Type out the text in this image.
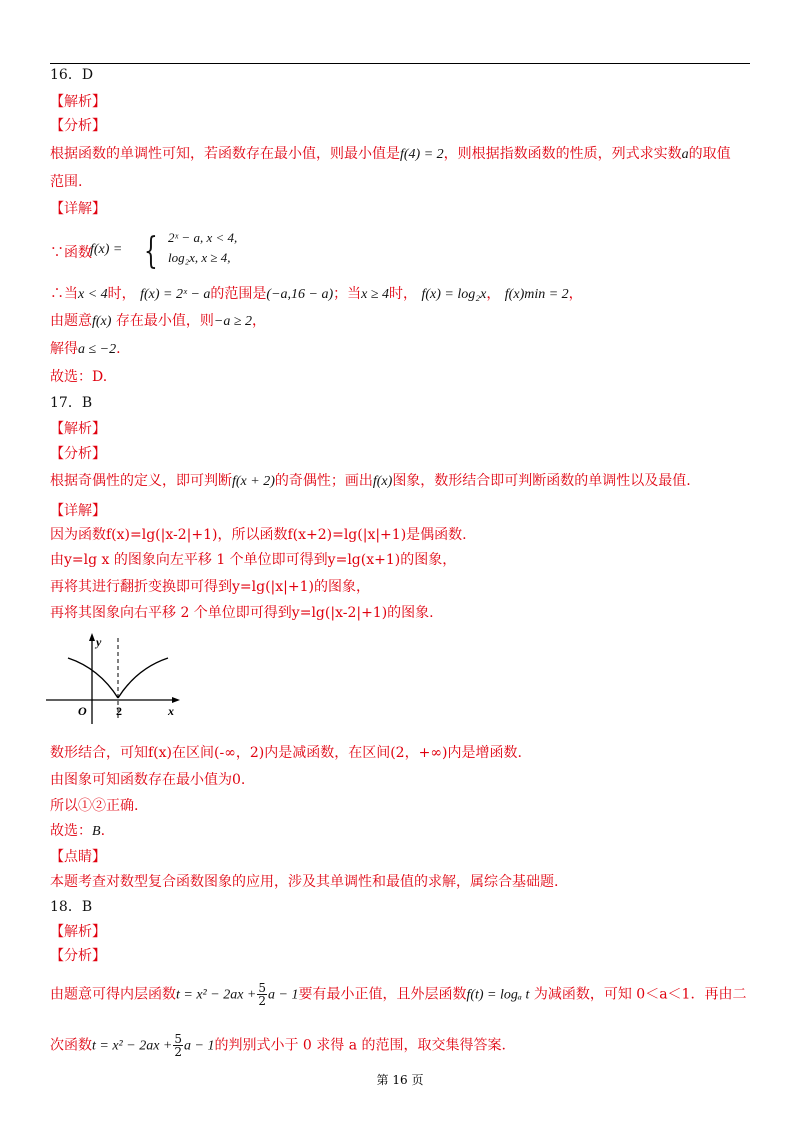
16．D
【解析】
【分析】
根据函数的单调性可知，若函数存在最小值，则最小值是f(4) = 2，则根据指数函数的性质，列式求实数a的取值
范围.
【详解】
∵函数
f(x) = { 2ˣ − a, x < 4,
log₂x, x ≥ 4,
∴当x < 4时， f(x) = 2ˣ − a的范围是(−a,16 − a)；当x ≥ 4时， f(x) = log₂x， f(x)min = 2，
由题意f(x) 存在最小值，则−a ≥ 2，
解得a ≤ −2.
故选：D.
17．B
【解析】
【分析】
根据奇偶性的定义，即可判断f(x + 2)的奇偶性；画出f(x)图象，数形结合即可判断函数的单调性以及最值.
【详解】
因为函数f(x)=lg(|x-2|+1)，所以函数f(x+2)=lg(|x|+1)是偶函数.
由y=lg x 的图象向左平移 1 个单位即可得到y=lg(x+1)的图象，
再将其进行翻折变换即可得到y=lg(|x|+1)的图象，
再将其图象向右平移 2 个单位即可得到y=lg(|x-2|+1)的图象.
y
x
O 2
数形结合，可知f(x)在区间(-∞，2)内是减函数，在区间(2，+∞)内是增函数.
由图象可知函数存在最小值为0.
所以①②正确.
故选：B.
【点睛】
本题考查对数型复合函数图象的应用，涉及其单调性和最值的求解，属综合基础题.
18．B
【解析】
【分析】
由题意可得内层函数$t = x^2 - 2ax + \frac{5}{2}$ a − 1要有最小正值，且外层函数f(t) = logₐ t 为减函数，可知 0＜a＜1．再由二
次函数$t = x^2 - 2ax + \frac{5}{2}$ a − 1的判别式小于 0 求得 a 的范围，取交集得答案.
第 16 页
